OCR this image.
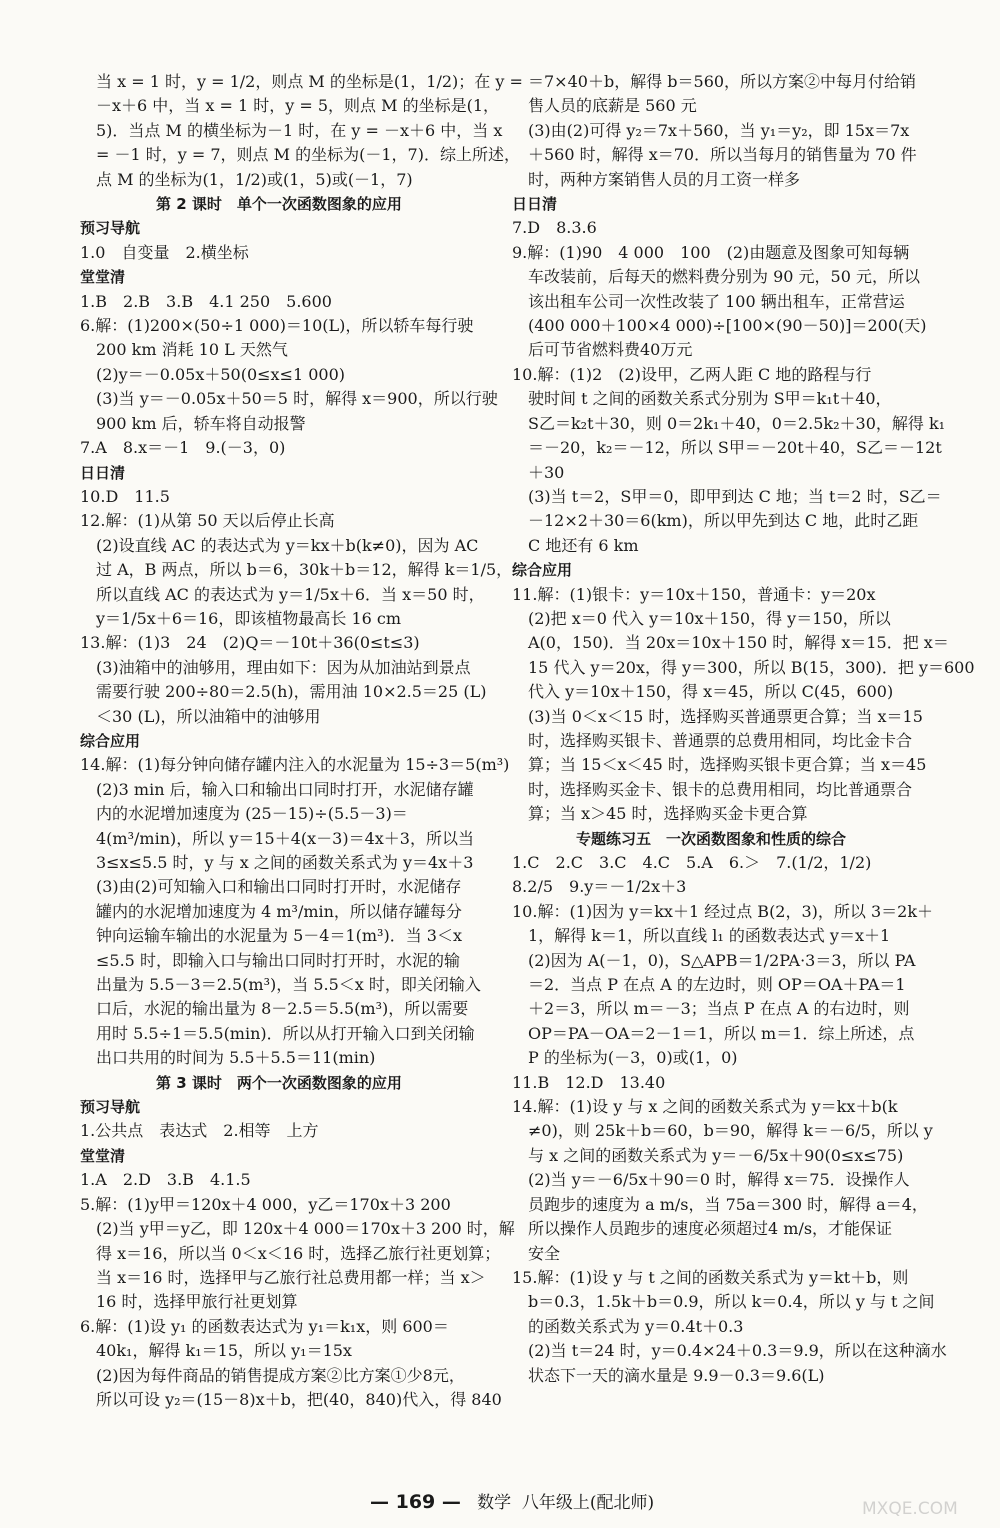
当 x = 1 时，y = 1/2，则点 M 的坐标是(1，1/2)；在 y =
－x＋6 中，当 x = 1 时，y = 5，则点 M 的坐标是(1，
5)．当点 M 的横坐标为－1 时，在 y = －x＋6 中，当 x
= －1 时，y = 7，则点 M 的坐标为(－1，7)．综上所述，
点 M 的坐标为(1，1/2)或(1，5)或(－1，7)
第 2 课时　单个一次函数图象的应用
预习导航
1.0　自变量　2.横坐标
堂堂清
1.B　2.B　3.B　4.1 250　5.600
6.解：(1)200×(50÷1 000)＝10(L)，所以轿车每行驶
200 km 消耗 10 L 天然气
(2)y＝－0.05x＋50(0≤x≤1 000)
(3)当 y＝－0.05x＋50＝5 时，解得 x＝900，所以行驶
900 km 后，轿车将自动报警
7.A　8.x＝－1　9.(－3，0)
日日清
10.D　11.5
12.解：(1)从第 50 天以后停止长高
(2)设直线 AC 的表达式为 y＝kx＋b(k≠0)，因为 AC
过 A，B 两点，所以 b＝6，30k＋b＝12，解得 k＝1/5，
所以直线 AC 的表达式为 y＝1/5x＋6．当 x＝50 时，
y＝1/5x＋6＝16，即该植物最高长 16 cm
13.解：(1)3　24　(2)Q＝－10t＋36(0≤t≤3)
(3)油箱中的油够用，理由如下：因为从加油站到景点
需要行驶 200÷80＝2.5(h)，需用油 10×2.5＝25 (L)
＜30 (L)，所以油箱中的油够用
综合应用
14.解：(1)每分钟向储存罐内注入的水泥量为 15÷3＝5(m³)
(2)3 min 后，输入口和输出口同时打开，水泥储存罐
内的水泥增加速度为 (25－15)÷(5.5－3)＝
4(m³/min)，所以 y＝15＋4(x－3)＝4x＋3，所以当
3≤x≤5.5 时，y 与 x 之间的函数关系式为 y＝4x＋3
(3)由(2)可知输入口和输出口同时打开时，水泥储存
罐内的水泥增加速度为 4 m³/min，所以储存罐每分
钟向运输车输出的水泥量为 5－4＝1(m³)．当 3＜x
≤5.5 时，即输入口与输出口同时打开时，水泥的输
出量为 5.5－3＝2.5(m³)，当 5.5＜x 时，即关闭输入
口后，水泥的输出量为 8－2.5＝5.5(m³)，所以需要
用时 5.5÷1＝5.5(min)．所以从打开输入口到关闭输
出口共用的时间为 5.5＋5.5＝11(min)
第 3 课时　两个一次函数图象的应用
预习导航
1.公共点　表达式　2.相等　上方
堂堂清
1.A　2.D　3.B　4.1.5
5.解：(1)y甲＝120x＋4 000，y乙＝170x＋3 200
(2)当 y甲＝y乙，即 120x＋4 000＝170x＋3 200 时，解
得 x＝16，所以当 0＜x＜16 时，选择乙旅行社更划算；
当 x＝16 时，选择甲与乙旅行社总费用都一样；当 x＞
16 时，选择甲旅行社更划算
6.解：(1)设 y₁ 的函数表达式为 y₁＝k₁x，则 600＝
40k₁，解得 k₁＝15，所以 y₁＝15x
(2)因为每件商品的销售提成方案②比方案①少8元，
所以可设 y₂＝(15－8)x＋b，把(40，840)代入，得 840
＝7×40＋b，解得 b＝560，所以方案②中每月付给销
售人员的底薪是 560 元
(3)由(2)可得 y₂＝7x＋560，当 y₁＝y₂，即 15x＝7x
＋560 时，解得 x＝70．所以当每月的销售量为 70 件
时，两种方案销售人员的月工资一样多
日日清
7.D　8.3.6
9.解：(1)90　4 000　100　(2)由题意及图象可知每辆
车改装前，后每天的燃料费分别为 90 元，50 元，所以
该出租车公司一次性改装了 100 辆出租车，正常营运
(400 000＋100×4 000)÷[100×(90－50)]＝200(天)
后可节省燃料费40万元
10.解：(1)2　(2)设甲，乙两人距 C 地的路程与行
驶时间 t 之间的函数关系式分别为 S甲＝k₁t＋40，
S乙＝k₂t＋30，则 0＝2k₁＋40，0＝2.5k₂＋30，解得 k₁
＝－20，k₂＝－12，所以 S甲＝－20t＋40，S乙＝－12t
＋30
(3)当 t＝2，S甲＝0，即甲到达 C 地；当 t＝2 时，S乙＝
－12×2＋30＝6(km)，所以甲先到达 C 地，此时乙距
C 地还有 6 km
综合应用
11.解：(1)银卡：y＝10x＋150，普通卡：y＝20x
(2)把 x＝0 代入 y＝10x＋150，得 y＝150，所以
A(0，150)．当 20x＝10x＋150 时，解得 x＝15．把 x＝
15 代入 y＝20x，得 y＝300，所以 B(15，300)．把 y＝600
代入 y＝10x＋150，得 x＝45，所以 C(45，600)
(3)当 0＜x＜15 时，选择购买普通票更合算；当 x＝15
时，选择购买银卡、普通票的总费用相同，均比金卡合
算；当 15＜x＜45 时，选择购买银卡更合算；当 x＝45
时，选择购买金卡、银卡的总费用相同，均比普通票合
算；当 x＞45 时，选择购买金卡更合算
专题练习五　一次函数图象和性质的综合
1.C　2.C　3.C　4.C　5.A　6.＞　7.(1/2，1/2)
8.2/5　9.y＝－1/2x＋3
10.解：(1)因为 y＝kx＋1 经过点 B(2，3)，所以 3＝2k＋
1，解得 k＝1，所以直线 l₁ 的函数表达式 y＝x＋1
(2)因为 A(－1，0)，S△APB＝1/2PA·3＝3，所以 PA
＝2．当点 P 在点 A 的左边时，则 OP＝OA＋PA＝1
＋2＝3，所以 m＝－3；当点 P 在点 A 的右边时，则
OP＝PA－OA＝2－1＝1，所以 m＝1．综上所述，点
P 的坐标为(－3，0)或(1，0)
11.B　12.D　13.40
14.解：(1)设 y 与 x 之间的函数关系式为 y＝kx＋b(k
≠0)，则 25k＋b＝60，b＝90，解得 k＝－6/5，所以 y
与 x 之间的函数关系式为 y＝－6/5x＋90(0≤x≤75)
(2)当 y＝－6/5x＋90＝0 时，解得 x＝75．设操作人
员跑步的速度为 a m/s，当 75a＝300 时，解得 a＝4，
所以操作人员跑步的速度必须超过4 m/s，才能保证
安全
15.解：(1)设 y 与 t 之间的函数关系式为 y＝kt＋b，则
b＝0.3，1.5k＋b＝0.9，所以 k＝0.4，所以 y 与 t 之间
的函数关系式为 y＝0.4t＋0.3
(2)当 t＝24 时，y＝0.4×24＋0.3＝9.9，所以在这种滴水
状态下一天的滴水量是 9.9－0.3＝9.6(L)
— 169 — 数学 八年级上(配北师)	MXQE.COM
